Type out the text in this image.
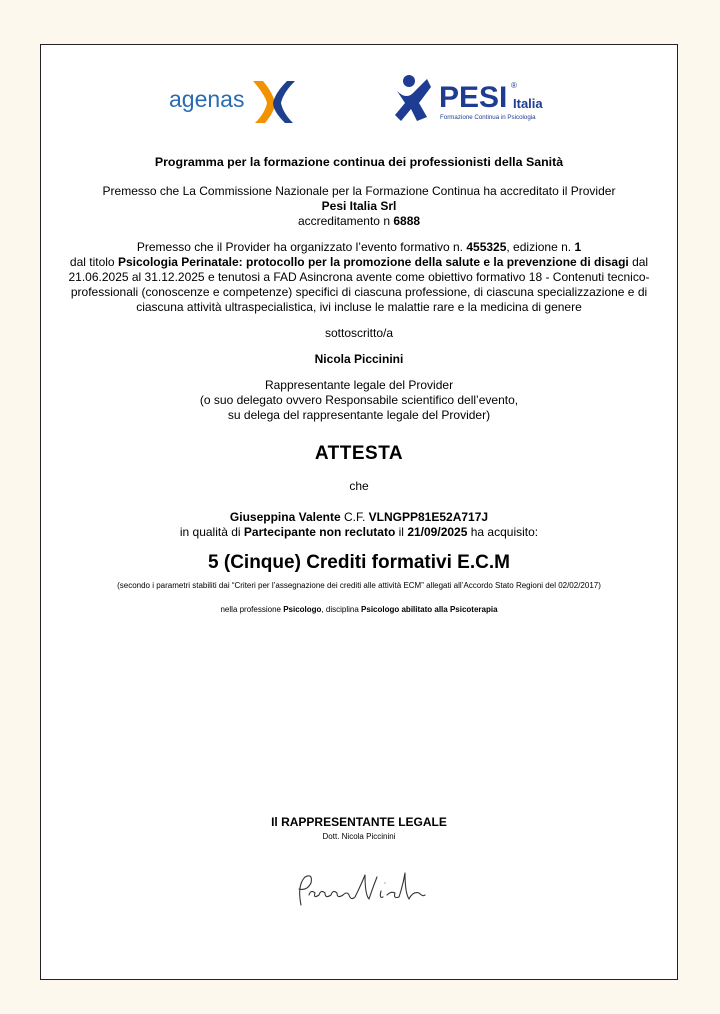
agenas	PESI ®
Italia
Formazione Continua in Psicologia

Programma per la formazione continua dei professionisti della Sanità

Premesso che La Commissione Nazionale per la Formazione Continua ha accreditato il Provider
Pesi Italia Srl
accreditamento n 6888

Premesso che il Provider ha organizzato l’evento formativo n. 455325, edizione n. 1
dal titolo Psicologia Perinatale: protocollo per la promozione della salute e la prevenzione di disagi dal 21.06.2025 al 31.12.2025 e tenutosi a FAD Asincrona avente come obiettivo formativo 18 - Contenuti tecnico-professionali (conoscenze e competenze) specifici di ciascuna professione, di ciascuna specializzazione e di ciascuna attività ultraspecialistica, ivi incluse le malattie rare e la medicina di genere

sottoscritto/a

Nicola Piccinini

Rappresentante legale del Provider
(o suo delegato ovvero Responsabile scientifico dell’evento,
su delega del rappresentante legale del Provider)

ATTESTA

che

Giuseppina Valente C.F. VLNGPP81E52A717J
in qualità di Partecipante non reclutato il 21/09/2025 ha acquisito:

5 (Cinque) Crediti formativi E.C.M

(secondo i parametri stabiliti dai “Criteri per l’assegnazione dei crediti alle attività ECM” allegati all’Accordo Stato Regioni del 02/02/2017)

nella professione Psicologo, disciplina Psicologo abilitato alla Psicoterapia

Il RAPPRESENTANTE LEGALE
Dott. Nicola Piccinini
